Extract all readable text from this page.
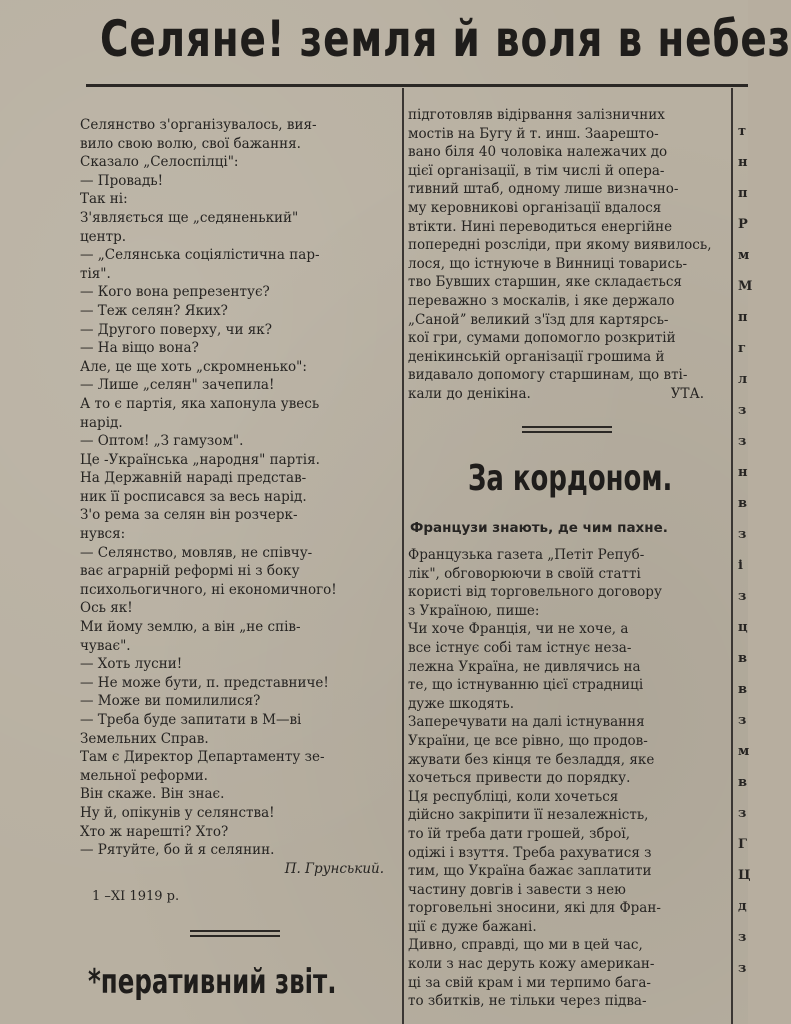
Селяне! земля й воля в небез

Селянство з'організувалось, вия-

вило свою волю, свої бажання.

Сказало „Селоспілці":

— Провадь!

Так ні:

З'являється ще „седяненький"

центр.

— „Селянська соціялістична пар-

тія".

— Кого вона репрезентує?

— Теж селян? Яких?

— Другого поверху, чи як?

— На віщо вона?

Але, це ще хоть „скромненько":

— Лише „селян" зачепила!

А то є партія, яка хапонула увесь

нарід.

— Оптом! „З гамузом".

Це -Українська „народня" партія.

На Державній нараді представ-

ник її росписався за весь нарід.

З'о рема за селян він розчерк-

нувся:

— Селянство, мовляв, не співчу-

ває аграрній реформі ні з боку

психольогичного, ні економичного!

Ось як!

Ми йому землю, а він „не спів-

чуває".

— Хоть лусни!

— Не може бути, п. представниче!

— Може ви помилилися?

— Треба буде запитати в М—ві

Земельних Справ.

Там є Директор Департаменту зе-

мельної реформи.

Він скаже. Він знає.

Ну й, опікунів у селянства!

Хто ж нарешті? Хто?

— Рятуйте, бо й я селянин.

П. Грунський.

1 –XI 1919 р.

*перативний звіт.

підготовляв відірвання залізничних

мостів на Бугу й т. инш. Заарешто-

вано біля 40 чоловіка належачих до

цієї організації, в тім числі й опера-

тивний штаб, одному лише визначно-

му керовникові організації вдалося

втікти. Нині переводиться енергійне

попередні розсліди, при якому виявилось,

лося, що істнуюче в Винниці товарись-

тво Бувших старшин, яке складається

переважно з москалів, і яке держало

„Санойˮ великий з'їзд для картярсь-

кої гри, сумами допомогло розкритій

денікинській організації грошима й

видавало допомогу старшинам, що вті-

кали до денікіна.	УТА.

За кордоном.
Французи знають, де чим пахне.

Французька газета „Петіт Репуб-

лік", обговорюючи в своїй статті

користі від торговельного договору

з Україною, пише:

Чи хоче Франція, чи не хоче, а

все істнує собі там істнує неза-

лежна Україна, не дивлячись на

те, що істнуванню цієї страдниці

дуже шкодять.

Заперечувати на далі істнування

України, це все рівно, що продов-

жувати без кінця те безладдя, яке

хочеться привести до порядку.

Ця республіці, коли хочеться

дійсно закріпити її незалежність,

то їй треба дати грошей, зброї,

одіжі і взуття. Треба рахуватися з

тим, що Україна бажає заплатити

частину довгів і завести з нею

торговельні зносини, які для Фран-

ції є дуже бажані.

Дивно, справді, що ми в цей час,

коли з нас деруть кожу американ-

ці за свій крам і ми терпимо бага-

то збитків, не тільки через підва-

т
н
п
Р
м
М
п
г
л
з
з
н
в
з
і
з
ц
в
в
з
м
в
з
Г
Ц
д
з
з
